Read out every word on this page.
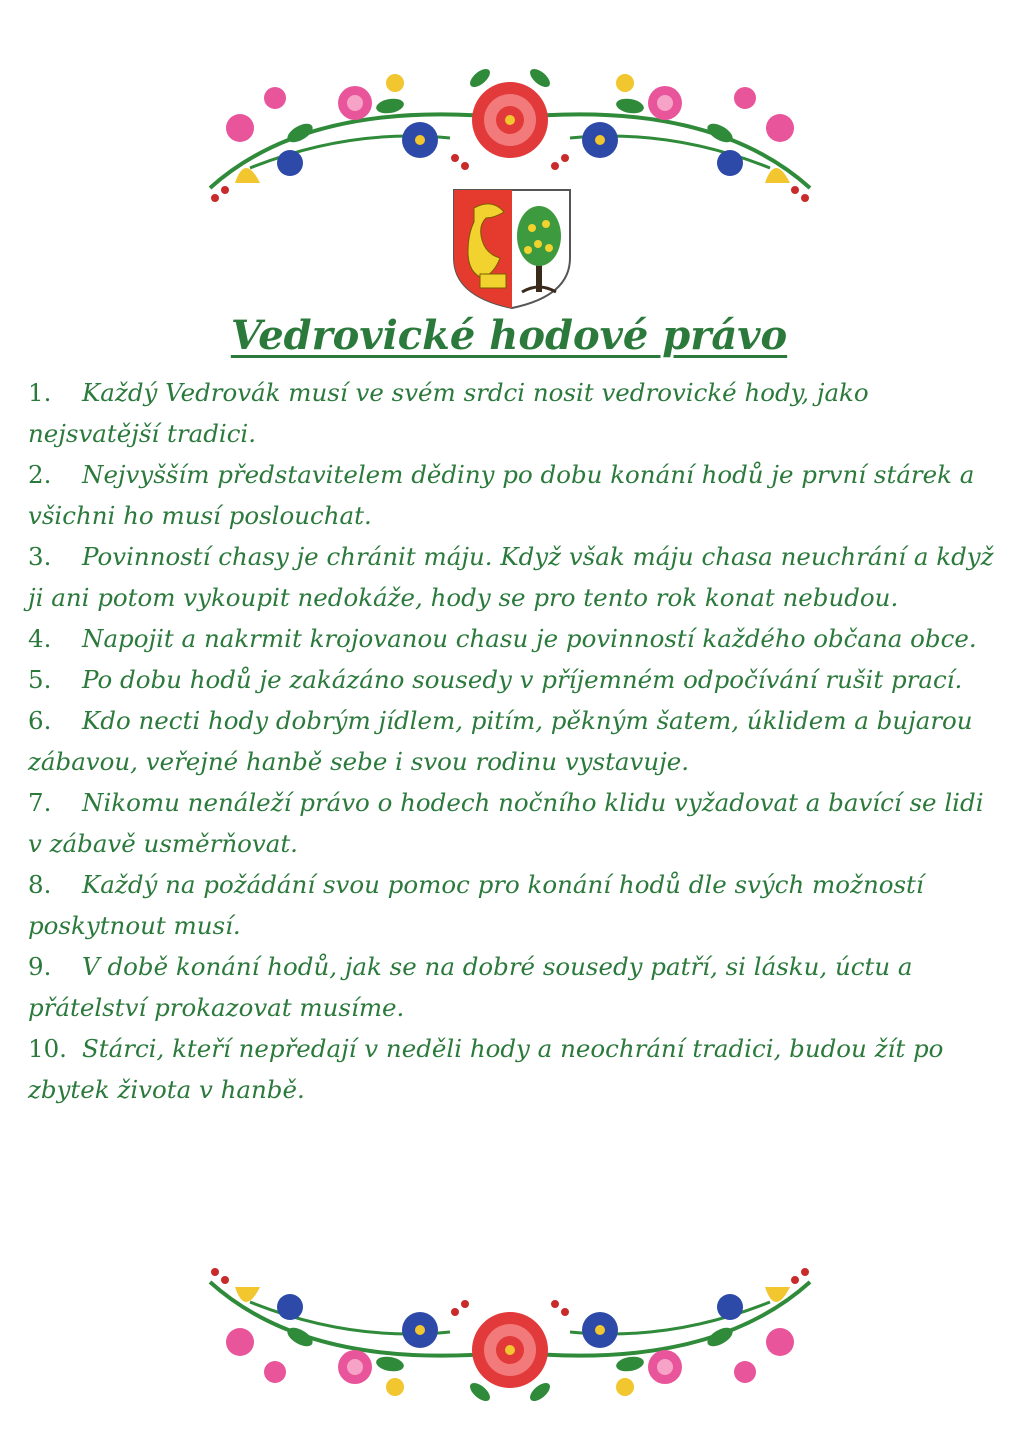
Vedrovické hodové právo
1. Každý Vedrovák musí ve svém srdci nosit vedrovické hody, jako nejsvatější tradici.
2. Nejvyšším představitelem dědiny po dobu konání hodů je první stárek a všichni ho musí poslouchat.
3. Povinností chasy je chránit máju. Když však máju chasa neuchrání a když ji ani potom vykoupit nedokáže, hody se pro tento rok konat nebudou.
4. Napojit a nakrmit krojovanou chasu je povinností každého občana obce.
5. Po dobu hodů je zakázáno sousedy v příjemném odpočívání rušit prací.
6. Kdo necti hody dobrým jídlem, pitím, pěkným šatem, úklidem a bujarou zábavou, veřejné hanbě sebe i svou rodinu vystavuje.
7. Nikomu nenáleží právo o hodech nočního klidu vyžadovat a bavící se lidi v zábavě usměrňovat.
8. Každý na požádání svou pomoc pro konání hodů dle svých možností poskytnout musí.
9. V době konání hodů, jak se na dobré sousedy patří, si lásku, úctu a přátelství prokazovat musíme.
10. Stárci, kteří nepředají v neděli hody a neochrání tradici, budou žít po zbytek života v hanbě.
